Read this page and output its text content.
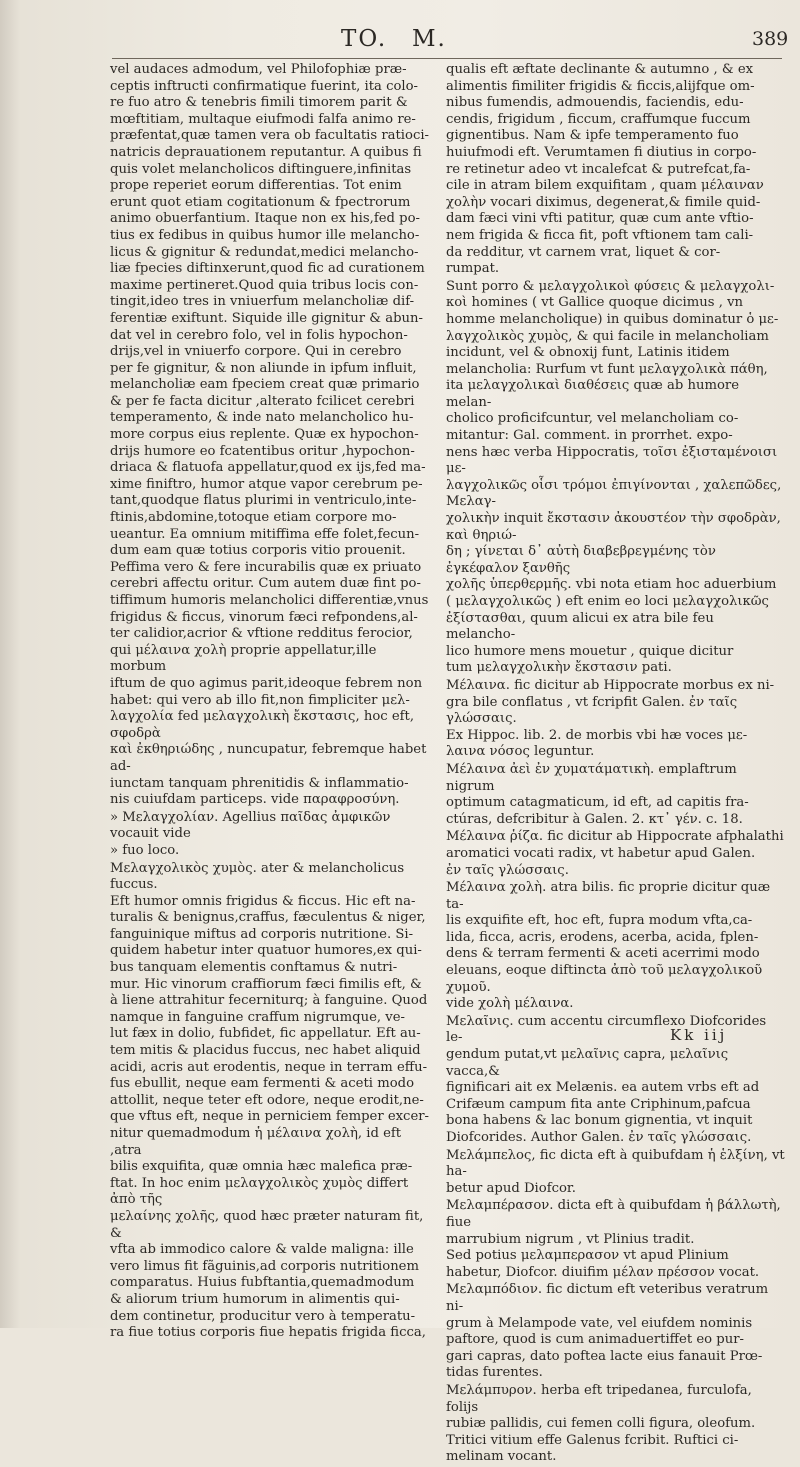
TO. M.	389

vel audaces admodum, vel Philofophiæ præ-
ceptis inftructi confirmatique fuerint, ita colo-
re fuo atro & tenebris fimili timorem parit &
mœftitiam, multaque eiufmodi falfa animo re-
præfentat,quæ tamen vera ob facultatis ratioci-
natricis deprauationem reputantur. A quibus fi
quis volet melancholicos diftinguere,infinitas
prope reperiet eorum differentias. Tot enim
erunt quot etiam cogitationum & fpectrorum
animo obuerfantium. Itaque non ex his,fed po-
tius ex fedibus in quibus humor ille melancho-
licus & gignitur & redundat,medici melancho-
liæ fpecies diftinxerunt,quod fic ad curationem
maxime pertineret.Quod quia tribus locis con-
tingit,ideo tres in vniuerfum melancholiæ dif-
ferentiæ exiftunt. Siquide ille gignitur & abun-
dat vel in cerebro folo, vel in folis hypochon-
drijs,vel in vniuerfo corpore. Qui in cerebro
per fe gignitur, & non aliunde in ipfum influit,
melancholiæ eam fpeciem creat quæ primario
& per fe facta dicitur ,alterato fcilicet cerebri
temperamento, & inde nato melancholico hu-
more corpus eius replente. Quæ ex hypochon-
drijs humore eo fcatentibus oritur ,hypochon-
driaca & flatuofa appellatur,quod ex ijs,fed ma-
xime finiftro, humor atque vapor cerebrum pe-
tant,quodque flatus plurimi in ventriculo,inte-
ftinis,abdomine,totoque etiam corpore mo-
ueantur. Ea omnium mitiffima effe folet,fecun-
dum eam quæ totius corporis vitio prouenit.
Peffima vero & fere incurabilis quæ ex priuato
cerebri affectu oritur. Cum autem duæ fint po-
tiffimum humoris melancholici differentiæ,vnus
frigidus & ficcus, vinorum fæci refpondens,al-
ter calidior,acrior & vftione redditus ferocior,
qui μέλαινα χολὴ proprie appellatur,ille morbum
iftum de quo agimus parit,ideoque febrem non
habet: qui vero ab illo fit,non fimpliciter μελ-
λαγχολία fed μελαγχολικὴ ἔκστασις, hoc eft, σφοδρὰ
καὶ ἐκθηριώδης , nuncupatur, febremque habet ad-
iunctam tanquam phrenitidis & inflammatio-
nis cuiufdam particeps. vide παραφροσύνη.

» Μελαγχολίαν. Agellius παῖδας ἀμφικῶν vocauit vide
» fuo loco.

Μελαγχολικὸς χυμὸς. ater & melancholicus fuccus.
Eft humor omnis frigidus & ficcus. Hic eft na-
turalis & benignus,craffus, fæculentus & niger,
fanguinique miftus ad corporis nutritione. Si-
quidem habetur inter quatuor humores,ex qui-
bus tanquam elementis conftamus & nutri-
mur. Hic vinorum craffiorum fæci fimilis eft, &
à liene attrahitur fecerniturq; à fanguine. Quod
namque in fanguine craffum nigrumque, ve-
lut fæx in dolio, fubfidet, fic appellatur. Eft au-
tem mitis & placidus fuccus, nec habet aliquid
acidi, acris aut erodentis, neque in terram effu-
fus ebullit, neque eam fermenti & aceti modo
attollit, neque teter eft odore, neque erodit,ne-
que vftus eft, neque in perniciem femper excer-
nitur quemadmodum ἡ μέλαινα χολὴ, id eft ,atra
bilis exquifita, quæ omnia hæc malefica præ-
ftat. In hoc enim μελαγχολικὸς χυμὸς differt ἀπὸ τῆς
μελαίνης χολῆς, quod hæc præter naturam fit, &
vfta ab immodico calore & valde maligna: ille
vero limus fit fãguinis,ad corporis nutritionem
comparatus. Huius fubftantia,quemadmodum
& aliorum trium humorum in alimentis qui-
dem continetur, producitur vero à temperatu-
ra fiue totius corporis fiue hepatis frigida ficca,

qualis eft æftate declinante & autumno , & ex
alimentis fimiliter frigidis & ficcis,alijfque om-
nibus fumendis, admouendis, faciendis, edu-
cendis, frigidum , ficcum, craffumque fuccum
gignentibus. Nam & ipfe temperamento fuo
huiufmodi eft. Verumtamen fi diutius in corpo-
re retinetur adeo vt incalefcat & putrefcat,fa-
cile in atram bilem exquifitam , quam μέλαιναν
χολὴν vocari diximus, degenerat,& fimile quid-
dam fæci vini vfti patitur, quæ cum ante vftio-
nem frigida & ficca fit, poft vftionem tam cali-
da redditur, vt carnem vrat, liquet & cor-
rumpat.

Sunt porro & μελαγχολικοὶ φύσεις & μελαγχολι-
κοὶ homines ( vt Gallice quoque dicimus , vn
homme melancholique) in quibus dominatur ὁ με-
λαγχολικὸς χυμὸς, & qui facile in melancholiam
incidunt, vel & obnoxij funt, Latinis itidem
melancholia: Rurfum vt funt μελαγχολικὰ πάθη,
ita μελαγχολικαὶ διαθέσεις quæ ab humore melan-
cholico proficifcuntur, vel melancholiam co-
mitantur: Gal. comment. in prorrhet. expo-
nens hæc verba Hippocratis, τοῖσι ἐξισταμένοισι με-
λαγχολικῶς οἷσι τρόμοι ἐπιγίνονται , χαλεπῶδες, Μελαγ-
χολικὴν inquit ἔκστασιν ἀκουστέον τὴν σφοδρὰν, καὶ θηριώ-
δη ; γίνεται δ᾽ αὐτὴ διαβεβρεγμένης τὸν ἐγκέφαλον ξανθῆς
χολῆς ὑπερθερμῆς. vbi nota etiam hoc aduerbium
( μελαγχολικῶς ) eft enim eo loci μελαγχολικῶς
ἐξίστασθαι, quum alicui ex atra bile feu melancho-
lico humore mens mouetur , quique dicitur
tum μελαγχολικὴν ἔκστασιν pati.

Μέλαινα. fic dicitur ab Hippocrate morbus ex ni-
gra bile conflatus , vt fcripfit Galen. ἐν ταῖς
γλώσσαις.
Ex Hippoc. lib. 2. de morbis vbi hæ voces με-
λαινα νόσος leguntur.

Μέλαινα ἀεὶ ἐν χυματάματικὴ. emplaftrum nigrum
optimum catagmaticum, id eft, ad capitis fra-
ctúras, defcribitur à Galen. 2. κτ᾽ γέν. c. 18.

Μέλαινα ῥίζα. fic dicitur ab Hippocrate afphalathi
aromatici vocati radix, vt habetur apud Galen.
ἐν ταῖς γλώσσαις.

Μέλαινα χολὴ. atra bilis. fic proprie dicitur quæ ta-
lis exquifite eft, hoc eft, fupra modum vfta,ca-
lida, ficca, acris, erodens, acerba, acida, fplen-
dens & terram fermenti & aceti acerrimi modo
eleuans, eoque diftincta ἀπὸ τοῦ μελαγχολικοῦ χυμοῦ.
vide χολὴ μέλαινα.

Μελαῖνις. cum accentu circumflexo Diofcorides le-
gendum putat,vt μελαῖνις capra, μελαῖνις vacca,&
fignificari ait ex Melænis. ea autem vrbs eft ad
Crifæum campum fita ante Criphinum,pafcua
bona habens & lac bonum gignentia, vt inquit
Diofcorides. Author Galen. ἐν ταῖς γλώσσαις.

Μελάμπελος, fic dicta eft à quibufdam ἡ ἑλξίνη, vt ha-
betur apud Diofcor.

Μελαμπέρασον. dicta eft à quibufdam ἡ βάλλωτὴ, fiue
marrubium nigrum , vt Plinius tradit.
Sed potius μελαμπερασον vt apud Plinium
habetur, Diofcor. diuifim μέλαν πρέσσον vocat.

Μελαμπόδιον. fic dictum eft veteribus veratrum ni-
grum à Melampode vate, vel eiufdem nominis
paftore, quod is cum animaduertiffet eo pur-
gari capras, dato poftea lacte eius fanauit Prœ-
tidas furentes.

Μελάμπυρον. herba eft tripedanea, furculofa, folijs
rubiæ pallidis, cui femen colli figura, oleofum.
Tritici vitium effe Galenus fcribit. Ruftici ci-
melinam vocant.

Kk iij
